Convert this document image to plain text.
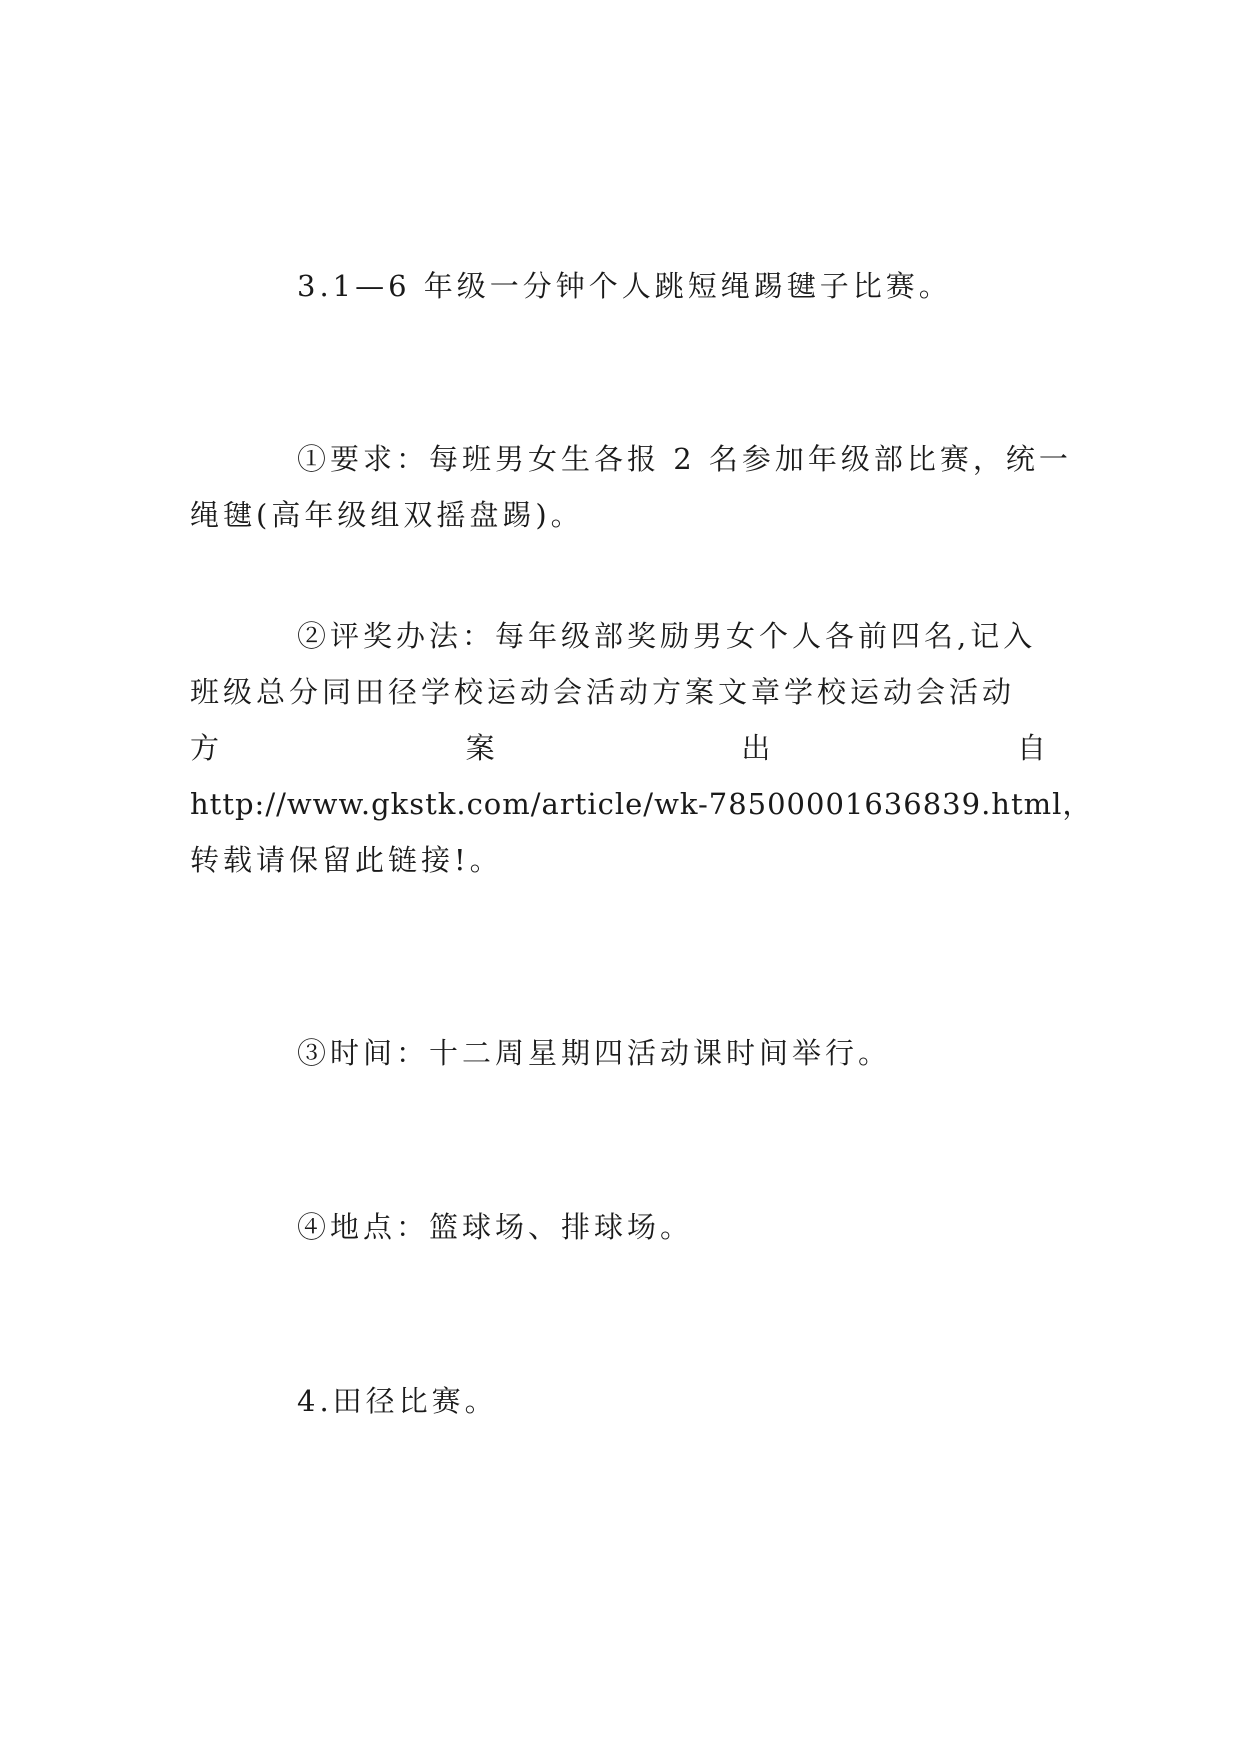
3.1—6 年级一分钟个人跳短绳踢毽子比赛。

①要求：每班男女生各报 2 名参加年级部比赛，统一
绳毽(高年级组双摇盘踢)。
②评奖办法：每年级部奖励男女个人各前四名,记入
班级总分同田径学校运动会活动方案文章学校运动会活动
方	案	出	自
http://www.gkstk.com/article/wk-78500001636839.html，
转载请保留此链接!。

③时间：十二周星期四活动课时间举行。

④地点：篮球场、排球场。

4.田径比赛。
